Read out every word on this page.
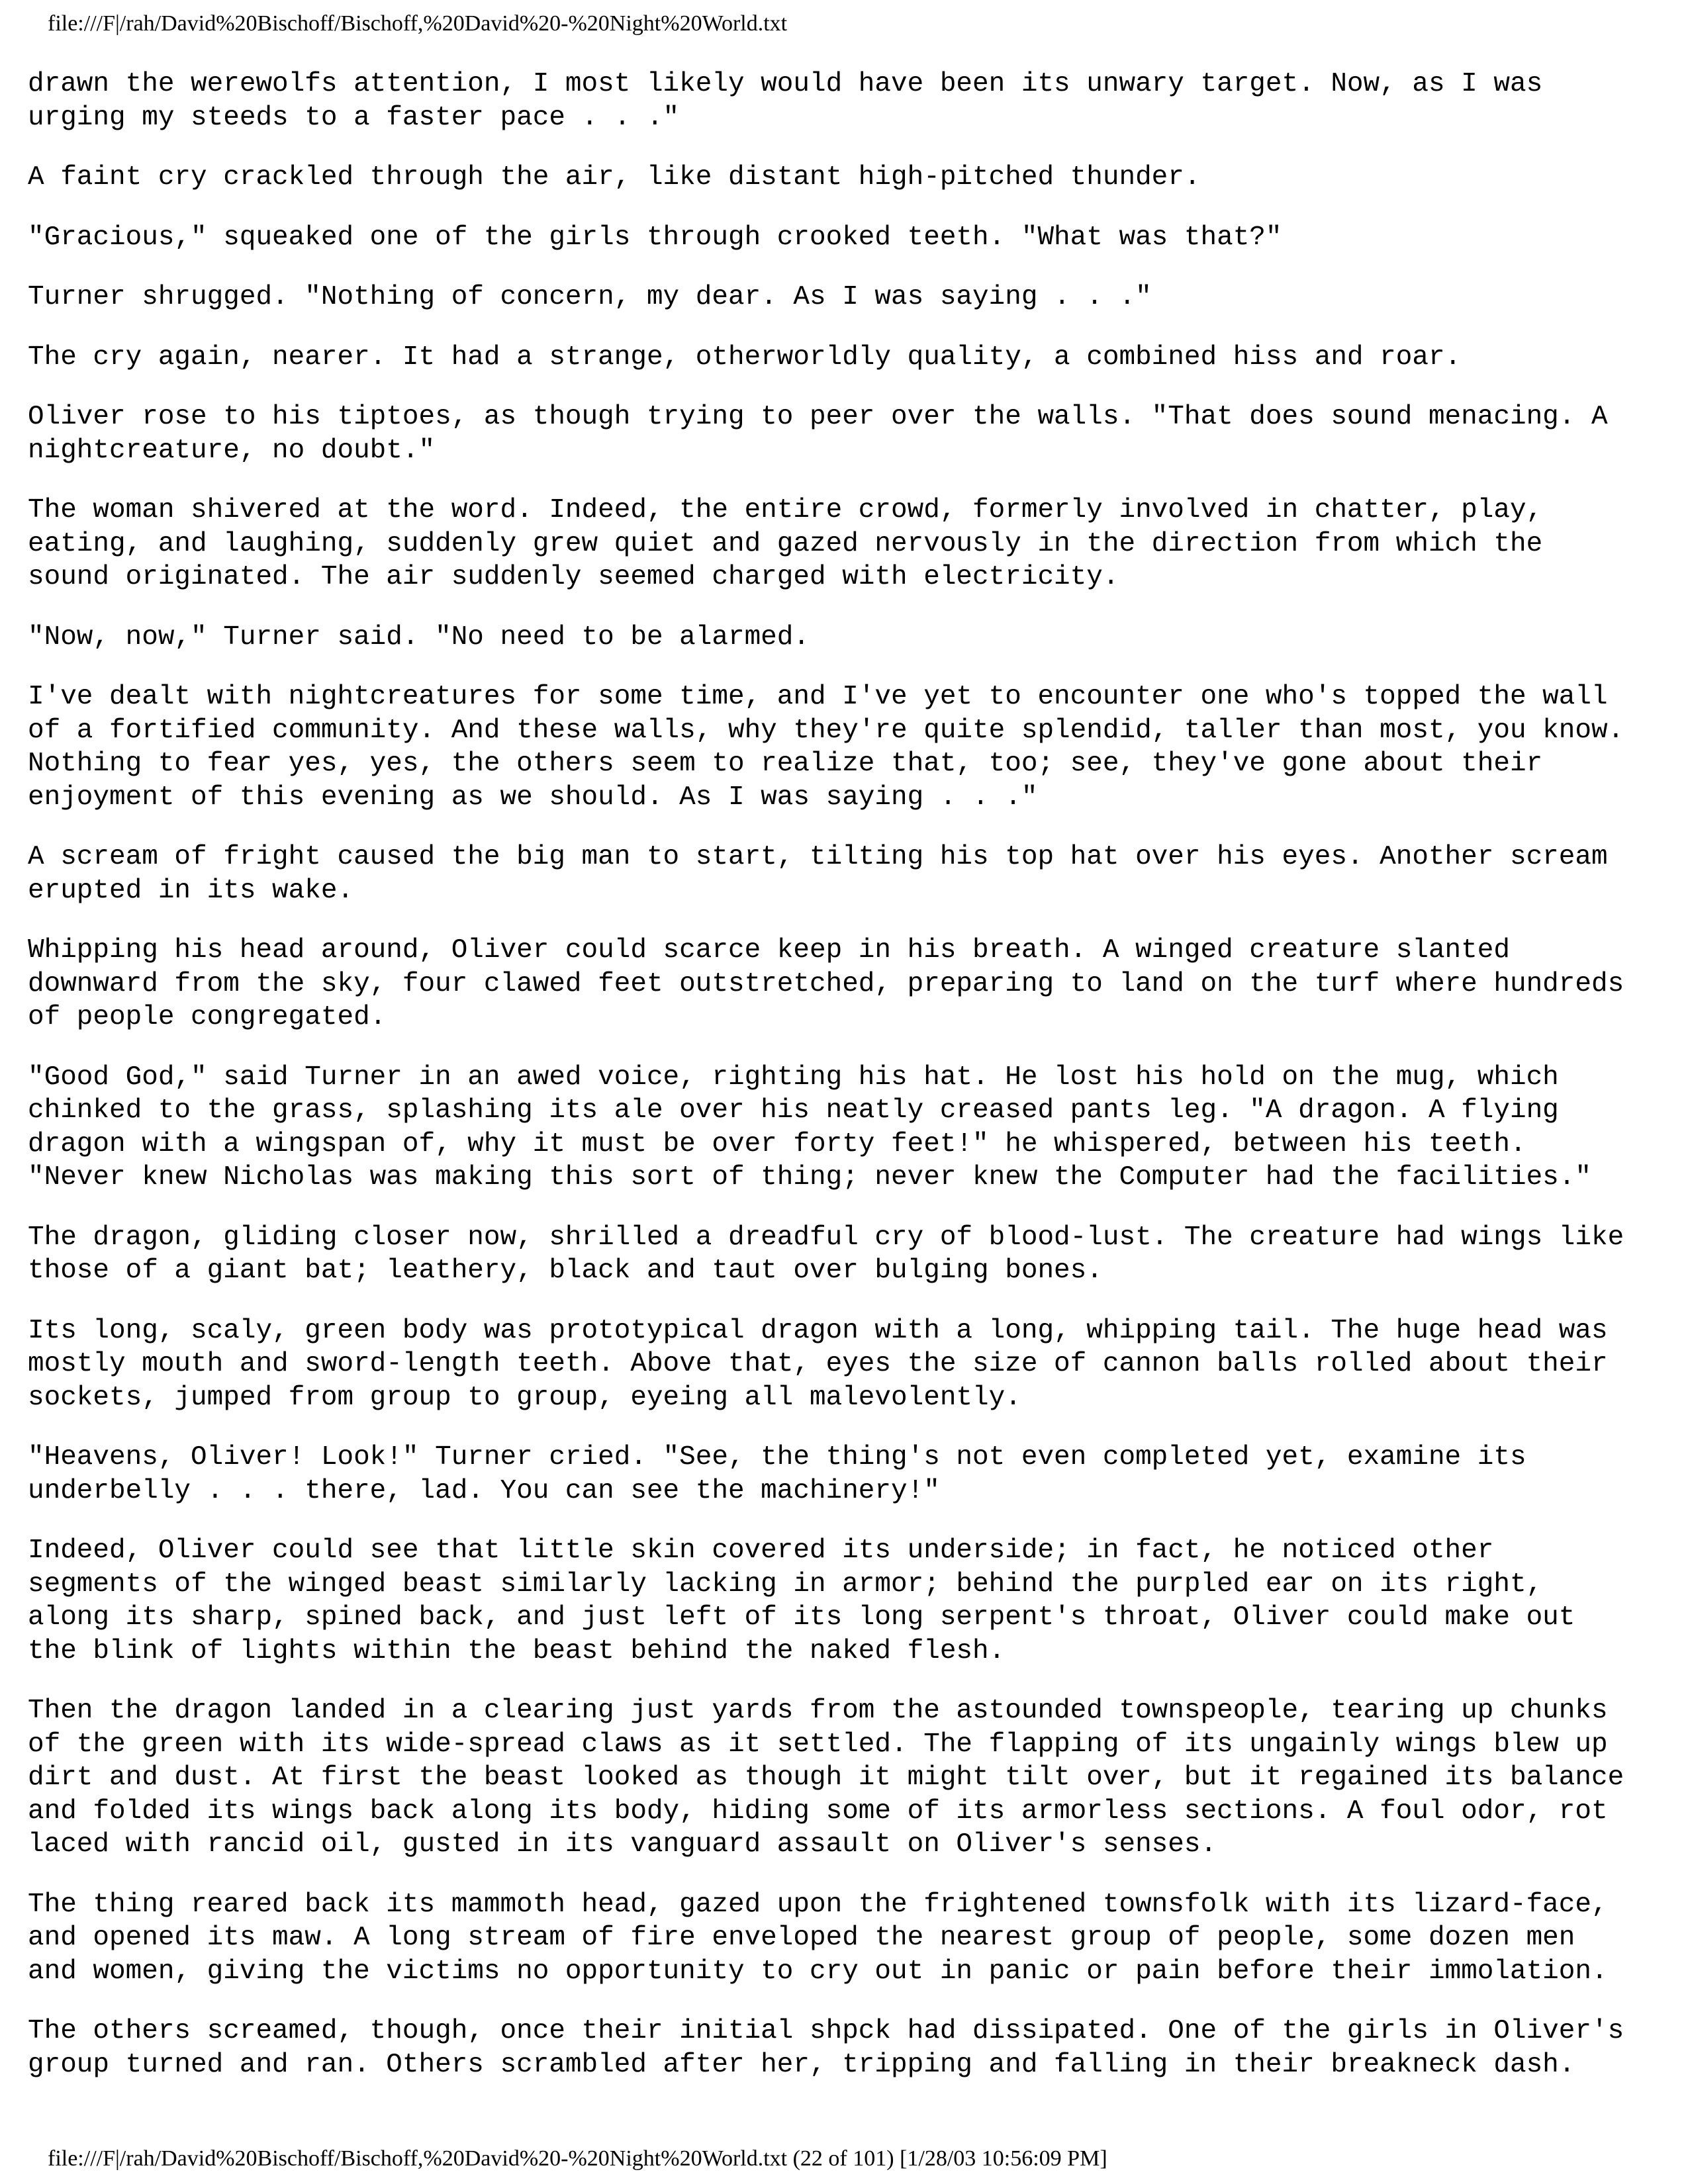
file:///F|/rah/David%20Bischoff/Bischoff,%20David%20-%20Night%20World.txt

drawn the werewolfs attention, I most likely would have been its unwary target. Now, as I was
urging my steeds to a faster pace . . ."

A faint cry crackled through the air, like distant high-pitched thunder.

"Gracious," squeaked one of the girls through crooked teeth. "What was that?"

Turner shrugged. "Nothing of concern, my dear. As I was saying . . ."

The cry again, nearer. It had a strange, otherworldly quality, a combined hiss and roar.

Oliver rose to his tiptoes, as though trying to peer over the walls. "That does sound menacing. A
nightcreature, no doubt."

The woman shivered at the word. Indeed, the entire crowd, formerly involved in chatter, play,
eating, and laughing, suddenly grew quiet and gazed nervously in the direction from which the
sound originated. The air suddenly seemed charged with electricity.

"Now, now," Turner said. "No need to be alarmed.

I've dealt with nightcreatures for some time, and I've yet to encounter one who's topped the wall
of a fortified community. And these walls, why they're quite splendid, taller than most, you know.
Nothing to fear yes, yes, the others seem to realize that, too; see, they've gone about their
enjoyment of this evening as we should. As I was saying . . ."

A scream of fright caused the big man to start, tilting his top hat over his eyes. Another scream
erupted in its wake.

Whipping his head around, Oliver could scarce keep in his breath. A winged creature slanted
downward from the sky, four clawed feet outstretched, preparing to land on the turf where hundreds
of people congregated.

"Good God," said Turner in an awed voice, righting his hat. He lost his hold on the mug, which
chinked to the grass, splashing its ale over his neatly creased pants leg. "A dragon. A flying
dragon with a wingspan of, why it must be over forty feet!" he whispered, between his teeth.
"Never knew Nicholas was making this sort of thing; never knew the Computer had the facilities."

The dragon, gliding closer now, shrilled a dreadful cry of blood-lust. The creature had wings like
those of a giant bat; leathery, black and taut over bulging bones.

Its long, scaly, green body was prototypical dragon with a long, whipping tail. The huge head was
mostly mouth and sword-length teeth. Above that, eyes the size of cannon balls rolled about their
sockets, jumped from group to group, eyeing all malevolently.

"Heavens, Oliver! Look!" Turner cried. "See, the thing's not even completed yet, examine its
underbelly . . . there, lad. You can see the machinery!"

Indeed, Oliver could see that little skin covered its underside; in fact, he noticed other
segments of the winged beast similarly lacking in armor; behind the purpled ear on its right,
along its sharp, spined back, and just left of its long serpent's throat, Oliver could make out
the blink of lights within the beast behind the naked flesh.

Then the dragon landed in a clearing just yards from the astounded townspeople, tearing up chunks
of the green with its wide-spread claws as it settled. The flapping of its ungainly wings blew up
dirt and dust. At first the beast looked as though it might tilt over, but it regained its balance
and folded its wings back along its body, hiding some of its armorless sections. A foul odor, rot
laced with rancid oil, gusted in its vanguard assault on Oliver's senses.

The thing reared back its mammoth head, gazed upon the frightened townsfolk with its lizard-face,
and opened its maw. A long stream of fire enveloped the nearest group of people, some dozen men
and women, giving the victims no opportunity to cry out in panic or pain before their immolation.

The others screamed, though, once their initial shpck had dissipated. One of the girls in Oliver's
group turned and ran. Others scrambled after her, tripping and falling in their breakneck dash.

file:///F|/rah/David%20Bischoff/Bischoff,%20David%20-%20Night%20World.txt (22 of 101) [1/28/03 10:56:09 PM]
